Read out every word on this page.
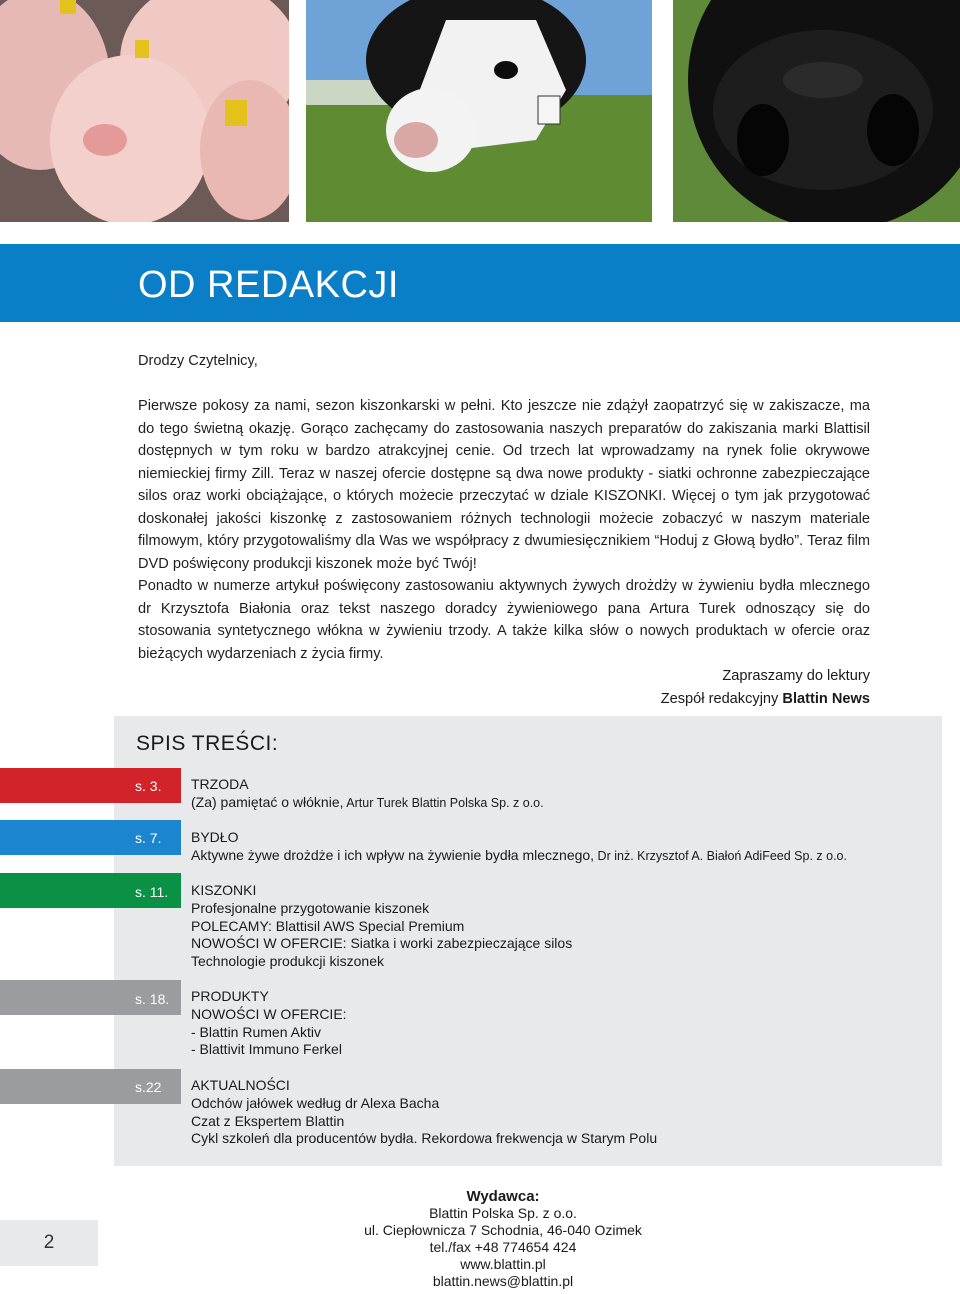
OD REDAKCJI
Drodzy Czytelnicy,

Pierwsze pokosy za nami, sezon kiszonkarski w pełni. Kto jeszcze nie zdążył zaopatrzyć się w zakiszacze, ma do tego świetną okazję. Gorąco zachęcamy do zastosowania naszych preparatów do zakiszania marki Blattisil dostępnych w tym roku w bardzo atrakcyjnej cenie. Od trzech lat wprowadzamy na rynek folie okrywowe niemieckiej firmy Zill. Teraz w naszej ofercie dostępne są dwa nowe produkty - siatki ochronne zabezpieczające silos oraz worki obciążające, o których możecie przeczytać w dziale KISZONKI. Więcej o tym jak przygotować doskonałej jakości kiszonkę z zastosowaniem różnych technologii możecie zobaczyć w naszym materiale filmowym, który przygotowaliśmy dla Was we współpracy z dwumiesięcznikiem “Hoduj z Głową bydło”. Teraz film DVD poświęcony produkcji kiszonek może być Twój!

Ponadto w numerze artykuł poświęcony zastosowaniu aktywnych żywych drożdży w żywieniu bydła mlecznego dr Krzysztofa Białonia oraz tekst naszego doradcy żywieniowego pana Artura Turek odnoszący się do stosowania syntetycznego włókna w żywieniu trzody. A także kilka słów o nowych produktach w ofercie oraz bieżących wydarzeniach z życia firmy.

Zapraszamy do lektury
Zespół redakcyjny Blattin News
SPIS TREŚCI:
s. 3. TRZODA
(Za) pamiętać o włóknie, Artur Turek Blattin Polska Sp. z o.o.
s. 7. BYDŁO
Aktywne żywe drożdże i ich wpływ na żywienie bydła mlecznego, Dr inż. Krzysztof A. Białoń AdiFeed Sp. z o.o.
s. 11. KISZONKI
Profesjonalne przygotowanie kiszonek
POLECAMY: Blattisil AWS Special Premium
NOWOŚCI W OFERCIE: Siatka i worki zabezpieczające silos
Technologie produkcji kiszonek
s. 18. PRODUKTY
NOWOŚCI W OFERCIE:
- Blattin Rumen Aktiv
- Blattivit Immuno Ferkel
s.22 AKTUALNOŚCI
Odchów jałówek według dr Alexa Bacha
Czat z Ekspertem Blattin
Cykl szkoleń dla producentów bydła. Rekordowa frekwencja w Starym Polu
2
Wydawca:
Blattin Polska Sp. z o.o.
ul. Ciepłownicza 7 Schodnia, 46-040 Ozimek
tel./fax +48 774654 424
www.blattin.pl
blattin.news@blattin.pl
